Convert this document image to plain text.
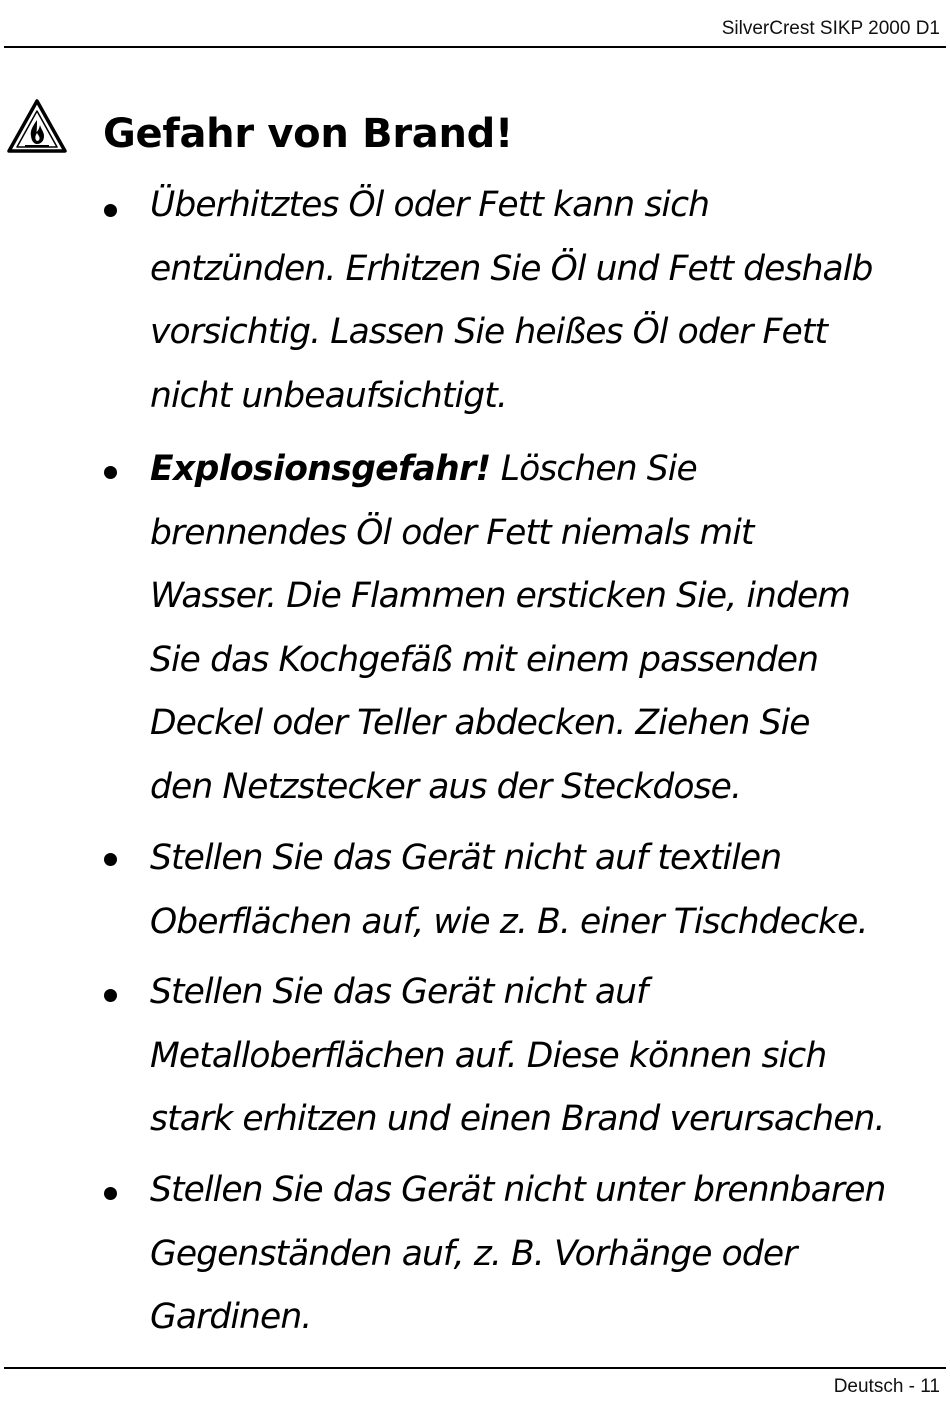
SilverCrest SIKP 2000 D1
Gefahr von Brand!

Überhitztes Öl oder Fett kann sich
entzünden. Erhitzen Sie Öl und Fett deshalb
vorsichtig. Lassen Sie heißes Öl oder Fett
nicht unbeaufsichtigt.

Explosionsgefahr! Löschen Sie
brennendes Öl oder Fett niemals mit
Wasser. Die Flammen ersticken Sie, indem
Sie das Kochgefäß mit einem passenden
Deckel oder Teller abdecken. Ziehen Sie
den Netzstecker aus der Steckdose.

Stellen Sie das Gerät nicht auf textilen
Oberflächen auf, wie z. B. einer Tischdecke.

Stellen Sie das Gerät nicht auf
Metalloberflächen auf. Diese können sich
stark erhitzen und einen Brand verursachen.

Stellen Sie das Gerät nicht unter brennbaren
Gegenständen auf, z. B. Vorhänge oder
Gardinen.

Deutsch - 11
